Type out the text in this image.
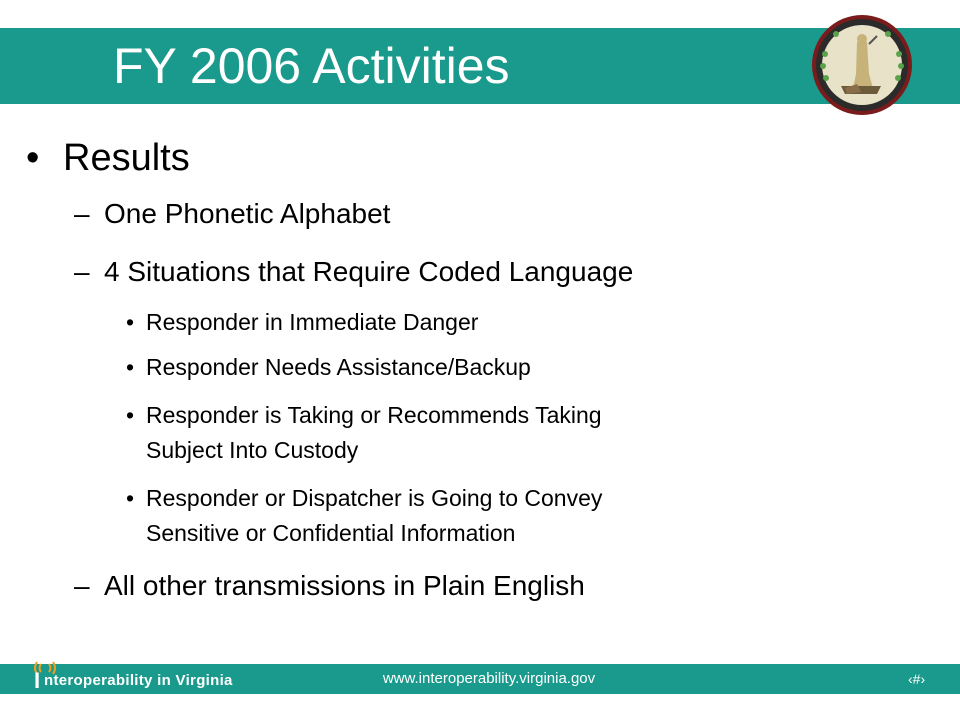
FY 2006 Activities
• Results
– One Phonetic Alphabet
– 4 Situations that Require Coded Language
• Responder in Immediate Danger
• Responder Needs Assistance/Backup
• Responder is Taking or Recommends Taking
Subject Into Custody
• Responder or Dispatcher is Going to Convey
Sensitive or Confidential Information
– All other transmissions in Plain English
I nteroperability in Virginia	www.interoperability.virginia.gov	‹#›
